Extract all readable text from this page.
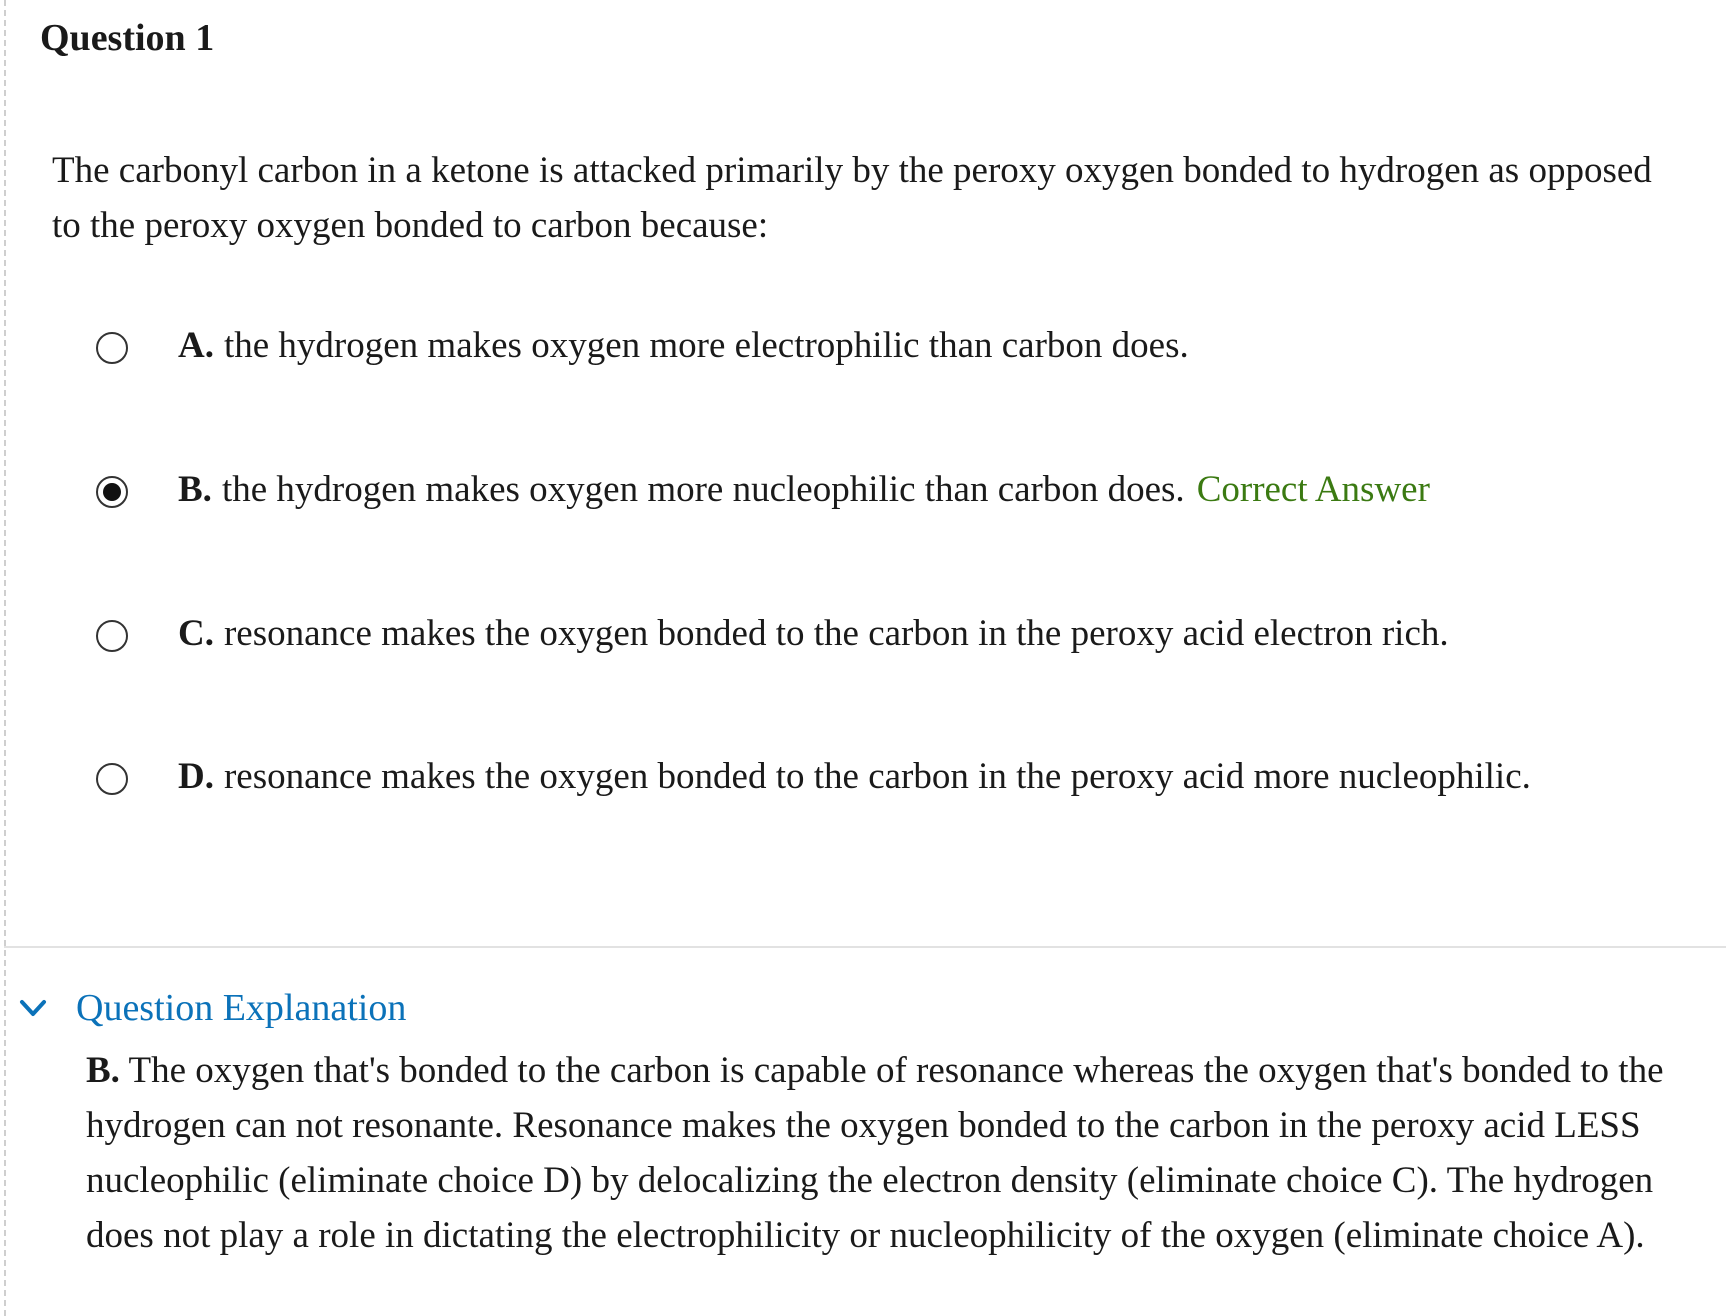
Question 1

The carbonyl carbon in a ketone is attacked primarily by the peroxy oxygen bonded to hydrogen as opposed to the peroxy oxygen bonded to carbon because:

A. the hydrogen makes oxygen more electrophilic than carbon does.
B. the hydrogen makes oxygen more nucleophilic than carbon does. Correct Answer
C. resonance makes the oxygen bonded to the carbon in the peroxy acid electron rich.
D. resonance makes the oxygen bonded to the carbon in the peroxy acid more nucleophilic.
Question Explanation

B. The oxygen that's bonded to the carbon is capable of resonance whereas the oxygen that's bonded to the hydrogen can not resonante. Resonance makes the oxygen bonded to the carbon in the peroxy acid LESS nucleophilic (eliminate choice D) by delocalizing the electron density (eliminate choice C). The hydrogen does not play a role in dictating the electrophilicity or nucleophilicity of the oxygen (eliminate choice A).
